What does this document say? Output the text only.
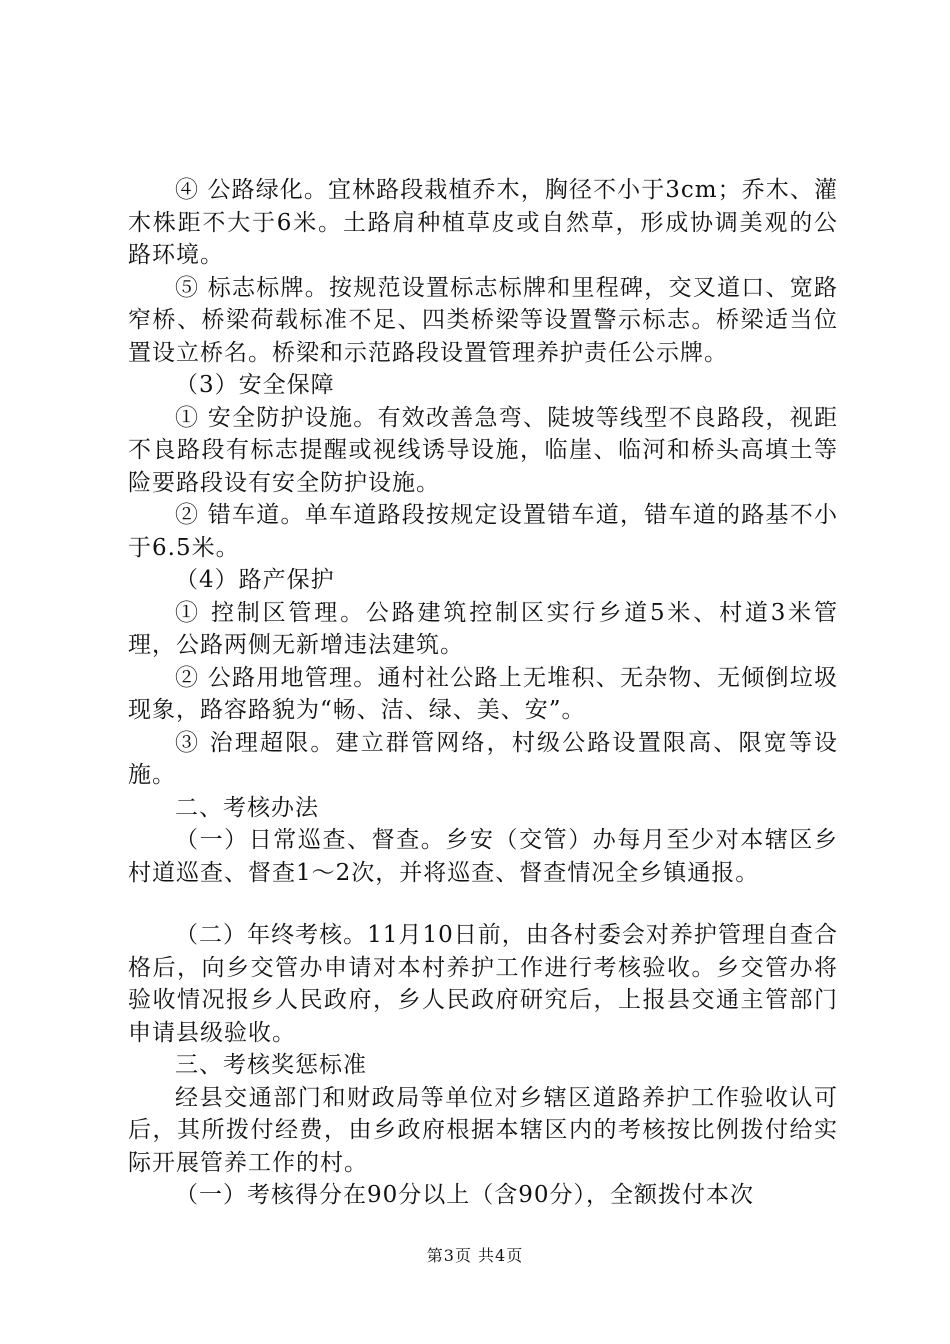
④ 公路绿化。宜林路段栽植乔木，胸径不小于3cm；乔木、灌木株距不大于6米。土路肩种植草皮或自然草，形成协调美观的公路环境。

⑤ 标志标牌。按规范设置标志标牌和里程碑，交叉道口、宽路窄桥、桥梁荷载标准不足、四类桥梁等设置警示标志。桥梁适当位置设立桥名。桥梁和示范路段设置管理养护责任公示牌。

（3）安全保障

① 安全防护设施。有效改善急弯、陡坡等线型不良路段，视距不良路段有标志提醒或视线诱导设施，临崖、临河和桥头高填土等险要路段设有安全防护设施。

② 错车道。单车道路段按规定设置错车道，错车道的路基不小于6.5米。

（4）路产保护

① 控制区管理。公路建筑控制区实行乡道5米、村道3米管理，公路两侧无新增违法建筑。

② 公路用地管理。通村社公路上无堆积、无杂物、无倾倒垃圾现象，路容路貌为“畅、洁、绿、美、安”。

③ 治理超限。建立群管网络，村级公路设置限高、限宽等设施。

二、考核办法

（一）日常巡查、督查。乡安（交管）办每月至少对本辖区乡村道巡查、督查1～2次，并将巡查、督查情况全乡镇通报。

（二）年终考核。11月10日前，由各村委会对养护管理自查合格后，向乡交管办申请对本村养护工作进行考核验收。乡交管办将验收情况报乡人民政府，乡人民政府研究后，上报县交通主管部门申请县级验收。

三、考核奖惩标准

经县交通部门和财政局等单位对乡辖区道路养护工作验收认可后，其所拨付经费，由乡政府根据本辖区内的考核按比例拨付给实际开展管养工作的村。

（一）考核得分在90分以上（含90分），全额拨付本次

第3页 共4页
